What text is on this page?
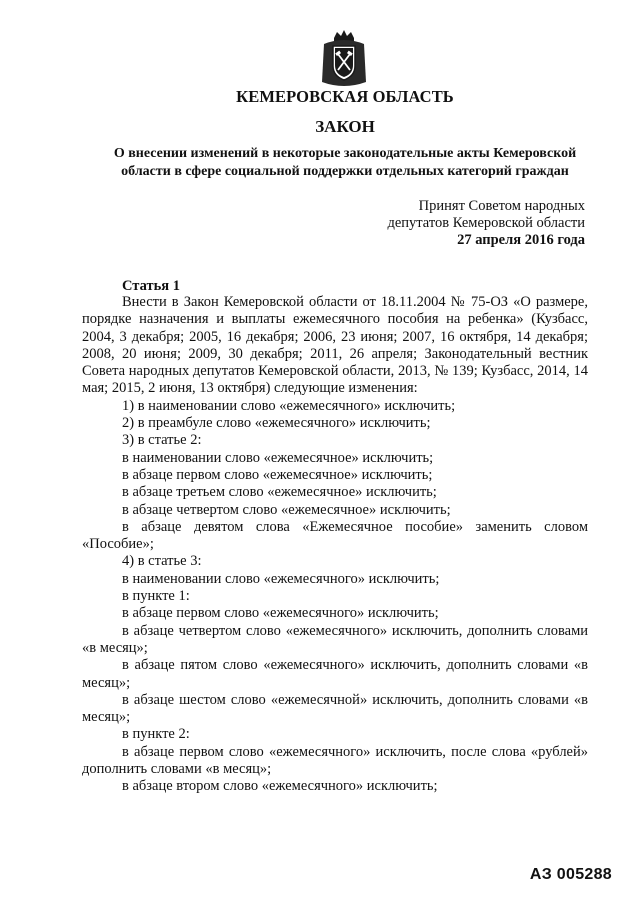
КЕМЕРОВСКАЯ ОБЛАСТЬ
ЗАКОН
О внесении изменений в некоторые законодательные акты Кемеровской
области в сфере социальной поддержки отдельных категорий граждан
Принят Советом народных
депутатов Кемеровской области
27 апреля 2016 года
Статья 1

Внести в Закон Кемеровской области от 18.11.2004 № 75-ОЗ «О размере, порядке назначения и выплаты ежемесячного пособия на ребенка» (Кузбасс, 2004, 3 декабря; 2005, 16 декабря; 2006, 23 июня; 2007, 16 октября, 14 декабря; 2008, 20 июня; 2009, 30 декабря; 2011, 26 апреля; Законодательный вестник Совета народных депутатов Кемеровской области, 2013, № 139; Кузбасс, 2014, 14 мая; 2015, 2 июня, 13 октября) следующие изменения:

1) в наименовании слово «ежемесячного» исключить;

2) в преамбуле слово «ежемесячного» исключить;

3) в статье 2:

в наименовании слово «ежемесячное» исключить;

в абзаце первом слово «ежемесячное» исключить;

в абзаце третьем слово «ежемесячное» исключить;

в абзаце четвертом слово «ежемесячное» исключить;

в абзаце девятом слова «Ежемесячное пособие» заменить словом «Пособие»;

4) в статье 3:

в наименовании слово «ежемесячного» исключить;

в пункте 1:

в абзаце первом слово «ежемесячного» исключить;

в абзаце четвертом слово «ежемесячного» исключить, дополнить словами «в месяц»;

в абзаце пятом слово «ежемесячного» исключить, дополнить словами «в месяц»;

в абзаце шестом слово «ежемесячной» исключить, дополнить словами «в месяц»;

в пункте 2:

в абзаце первом слово «ежемесячного» исключить, после слова «рублей» дополнить словами «в месяц»;

в абзаце втором слово «ежемесячного» исключить;

АЗ 005288
